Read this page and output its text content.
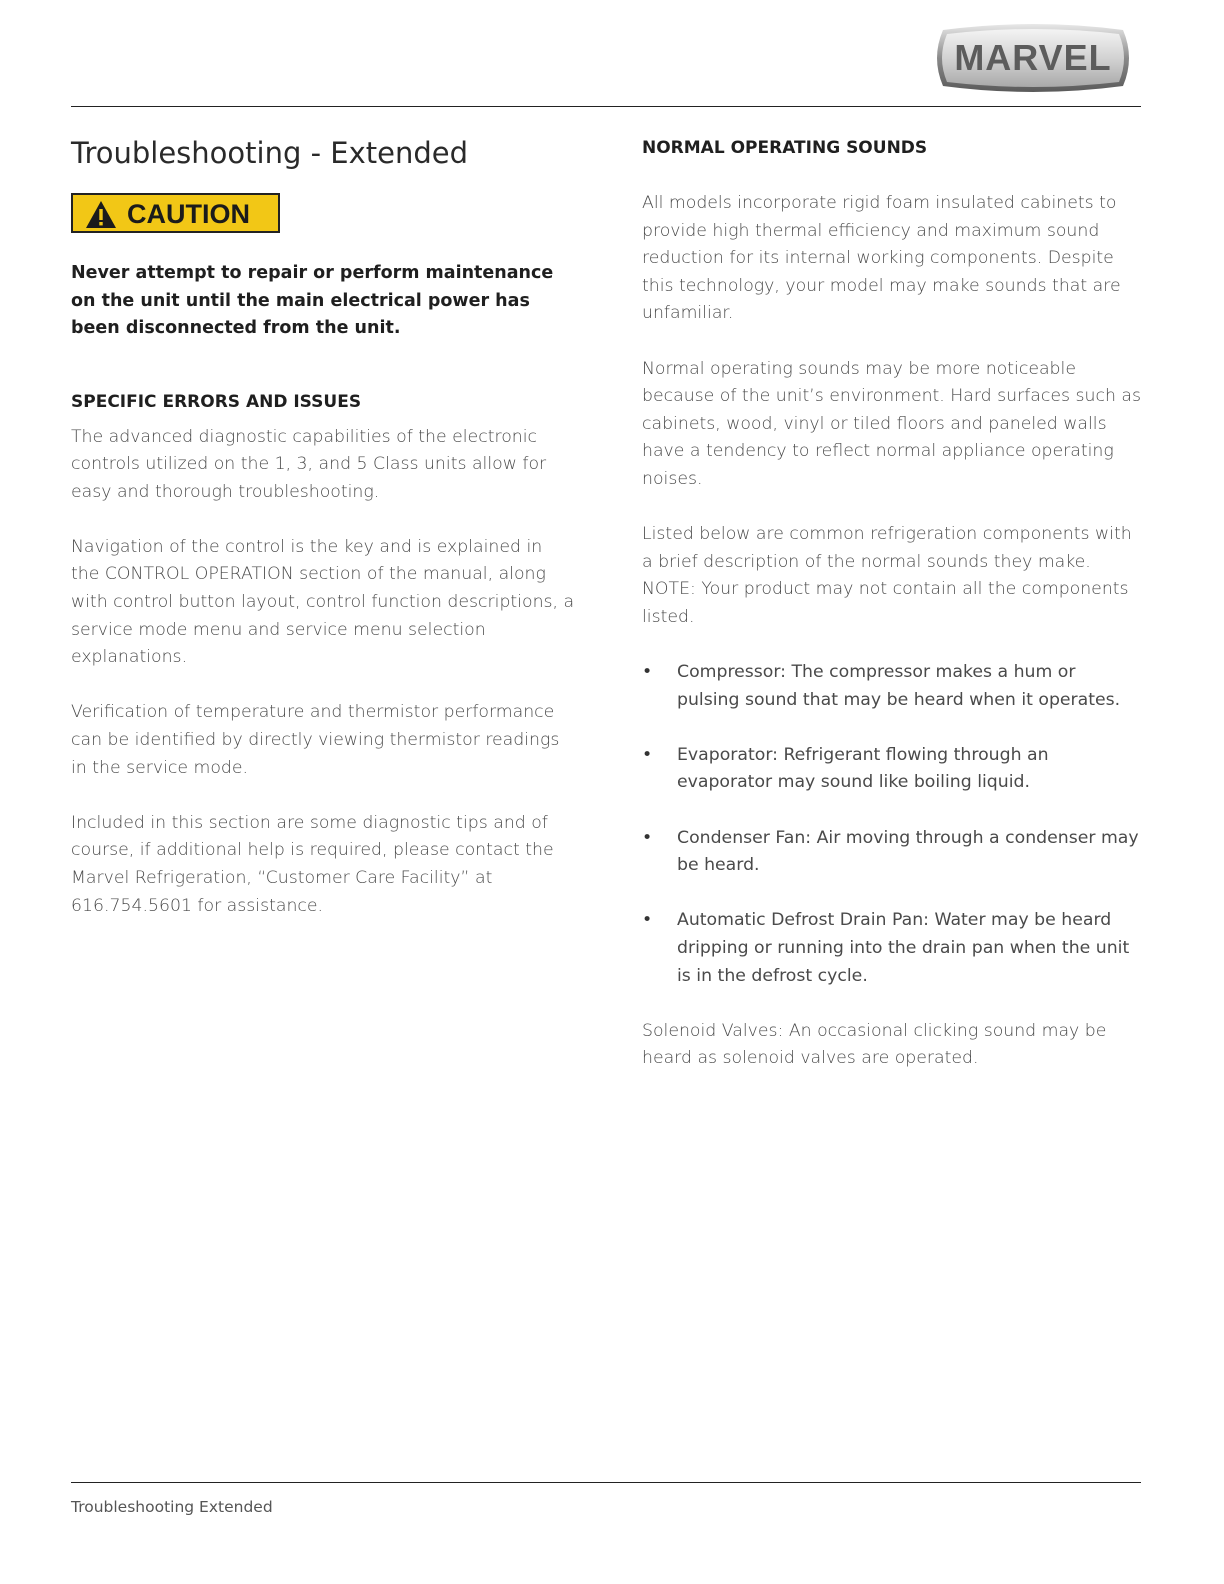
MARVEL
Troubleshooting - Extended
CAUTION

Never attempt to repair or perform maintenance on the unit until the main electrical power has been disconnected from the unit.

SPECIFIC ERRORS AND ISSUES

The advanced diagnostic capabilities of the electronic controls utilized on the 1, 3, and 5 Class units allow for easy and thorough troubleshooting.

Navigation of the control is the key and is explained in the CONTROL OPERATION section of the manual, along with control button layout, control function descriptions, a service mode menu and service menu selection explanations.

Verification of temperature and thermistor performance can be identified by directly viewing thermistor readings in the service mode.

Included in this section are some diagnostic tips and of course, if additional help is required, please contact the Marvel Refrigeration, “Customer Care Facility” at 616.754.5601 for assistance.

NORMAL OPERATING SOUNDS

All models incorporate rigid foam insulated cabinets to provide high thermal efficiency and maximum sound reduction for its internal working components. Despite this technology, your model may make sounds that are unfamiliar.

Normal operating sounds may be more noticeable because of the unit’s environment. Hard surfaces such as cabinets, wood, vinyl or tiled floors and paneled walls have a tendency to reflect normal appliance operating noises.

Listed below are common refrigeration components with a brief description of the normal sounds they make. NOTE: Your product may not contain all the components listed.

• Compressor: The compressor makes a hum or pulsing sound that may be heard when it operates.
• Evaporator: Refrigerant flowing through an evaporator may sound like boiling liquid.
• Condenser Fan: Air moving through a condenser may be heard.
• Automatic Defrost Drain Pan: Water may be heard dripping or running into the drain pan when the unit is in the defrost cycle.

Solenoid Valves: An occasional clicking sound may be heard as solenoid valves are operated.

Troubleshooting Extended
